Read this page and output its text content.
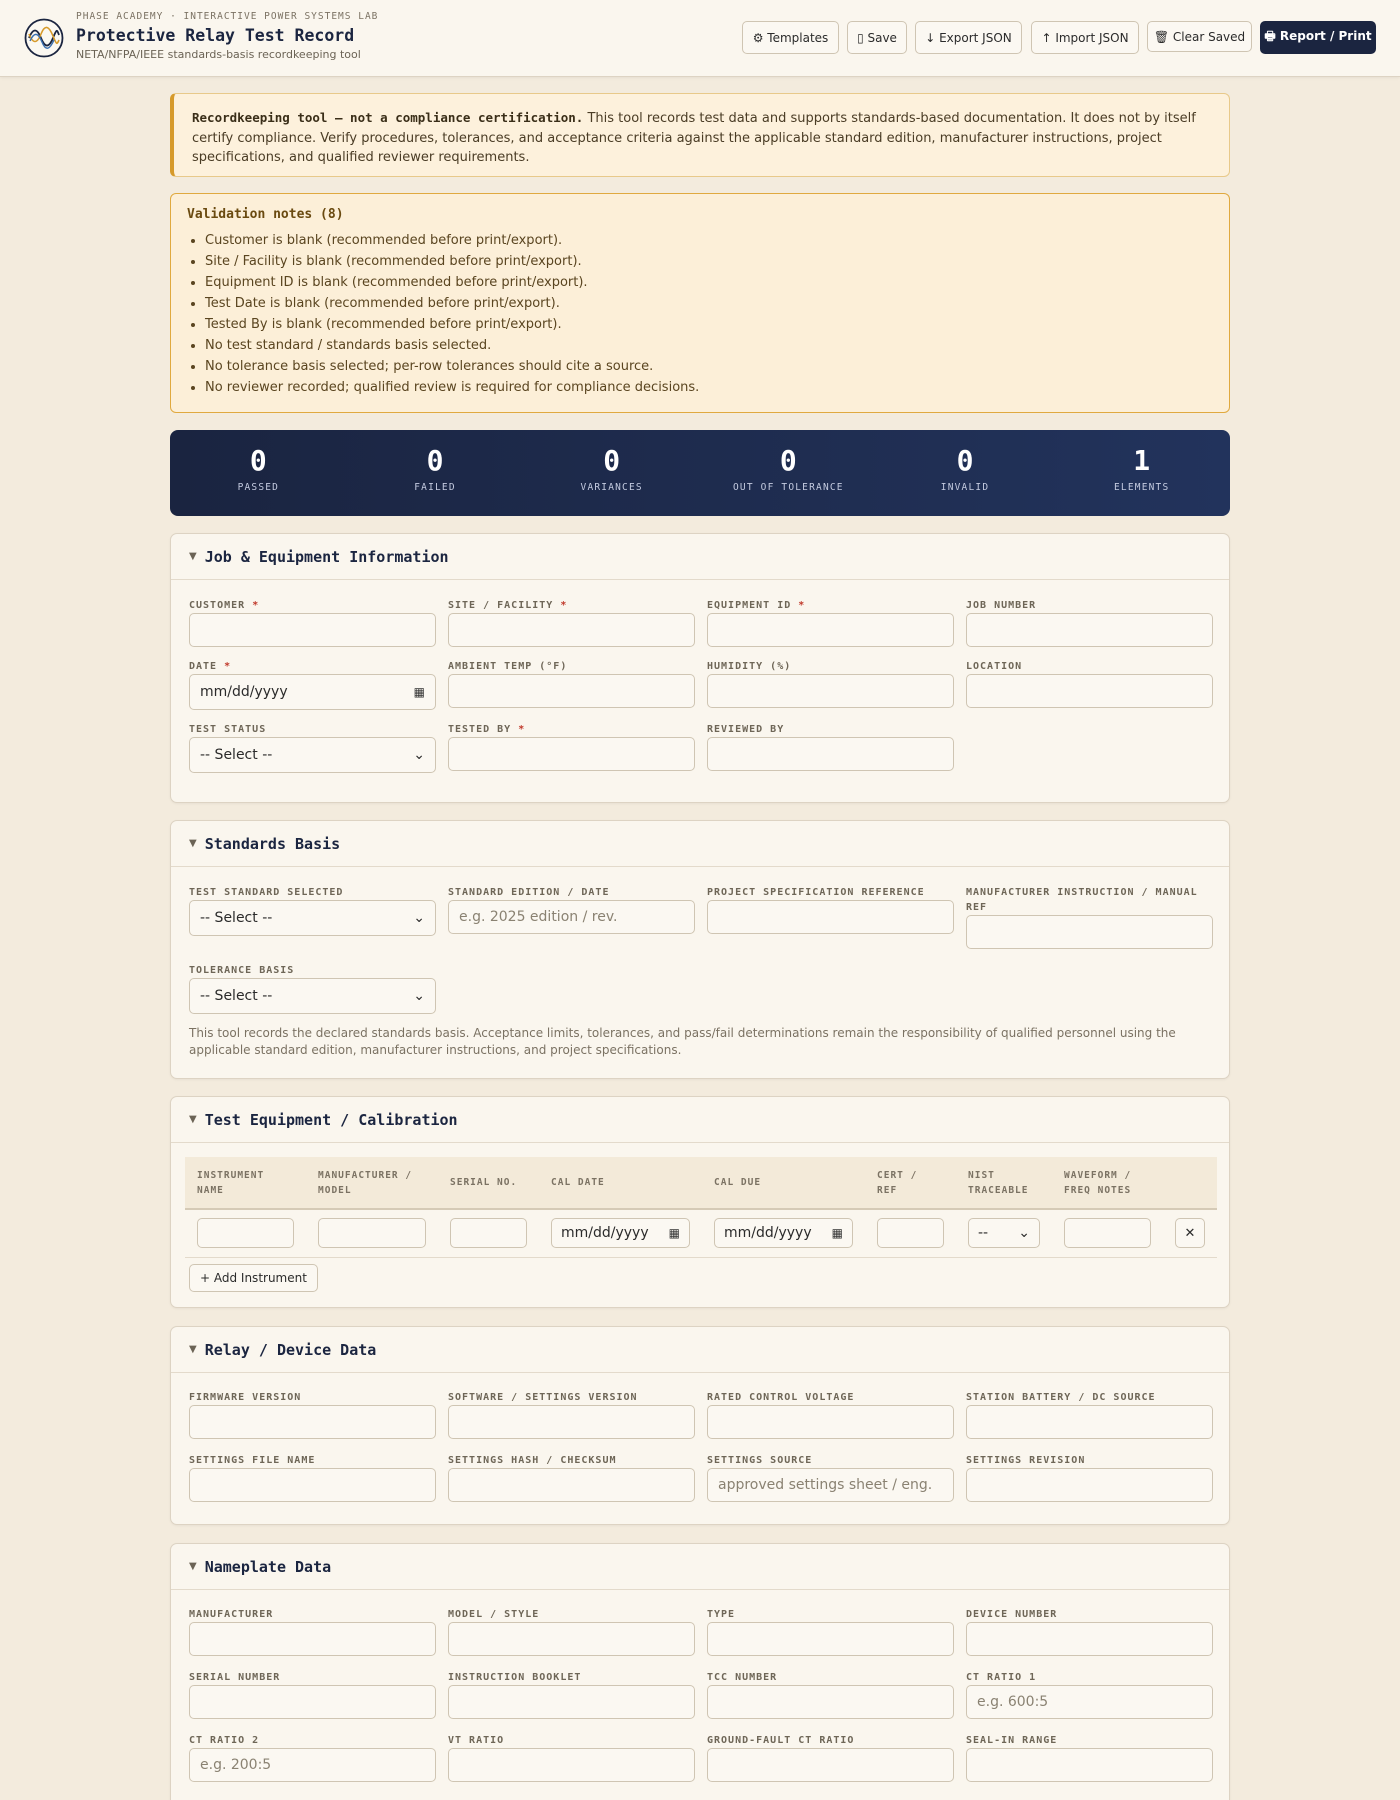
PHASE ACADEMY · INTERACTIVE POWER SYSTEMS LAB
Protective Relay Test Record
NETA/NFPA/IEEE standards-basis recordkeeping tool
⚙ Templates	▯ Save	↓ Export JSON	↑ Import JSON	🗑 Clear Saved	🖶 Report / Print
Recordkeeping tool — not a compliance certification. This tool records test data and supports standards-based documentation. It does not by itself certify compliance. Verify procedures, tolerances, and acceptance criteria against the applicable standard edition, manufacturer instructions, project specifications, and qualified reviewer requirements.
Validation notes (8)
• Customer is blank (recommended before print/export).
• Site / Facility is blank (recommended before print/export).
• Equipment ID is blank (recommended before print/export).
• Test Date is blank (recommended before print/export).
• Tested By is blank (recommended before print/export).
• No test standard / standards basis selected.
• No tolerance basis selected; per-row tolerances should cite a source.
• No reviewer recorded; qualified review is required for compliance decisions.
0
PASSED
0
FAILED
0
VARIANCES
0
OUT OF TOLERANCE
0
INVALID
1
ELEMENTS
▼ Job & Equipment Information
CUSTOMER *	SITE / FACILITY *	EQUIPMENT ID *	JOB NUMBER
DATE *
mm/dd/yyyy	▦
AMBIENT TEMP (°F)	HUMIDITY (%)	LOCATION
TEST STATUS
-- Select --	⌄
TESTED BY *	REVIEWED BY
▼ Standards Basis
TEST STANDARD SELECTED
-- Select --	⌄
STANDARD EDITION / DATE
e.g. 2025 edition / rev.
PROJECT SPECIFICATION REFERENCE	MANUFACTURER INSTRUCTION / MANUAL REF
TOLERANCE BASIS
-- Select --	⌄
This tool records the declared standards basis. Acceptance limits, tolerances, and pass/fail determinations remain the responsibility of qualified personnel using the applicable standard edition, manufacturer instructions, and project specifications.
▼ Test Equipment / Calibration
INSTRUMENT NAME	MANUFACTURER / MODEL	SERIAL NO.	CAL DATE	CAL DUE	CERT / REF	NIST TRACEABLE	WAVEFORM / FREQ NOTES	

			mm/dd/yyyy ▦	mm/dd/yyyy ▦		-- ⌄		✕
+ Add Instrument
▼ Relay / Device Data
FIRMWARE VERSION	SOFTWARE / SETTINGS VERSION	RATED CONTROL VOLTAGE	STATION BATTERY / DC SOURCE
SETTINGS FILE NAME	SETTINGS HASH / CHECKSUM	SETTINGS SOURCE
approved settings sheet / eng.
SETTINGS REVISION
▼ Nameplate Data
MANUFACTURER	MODEL / STYLE	TYPE	DEVICE NUMBER
SERIAL NUMBER	INSTRUCTION BOOKLET	TCC NUMBER	CT RATIO 1
e.g. 600:5
CT RATIO 2
e.g. 200:5
VT RATIO	GROUND-FAULT CT RATIO	SEAL-IN RANGE
